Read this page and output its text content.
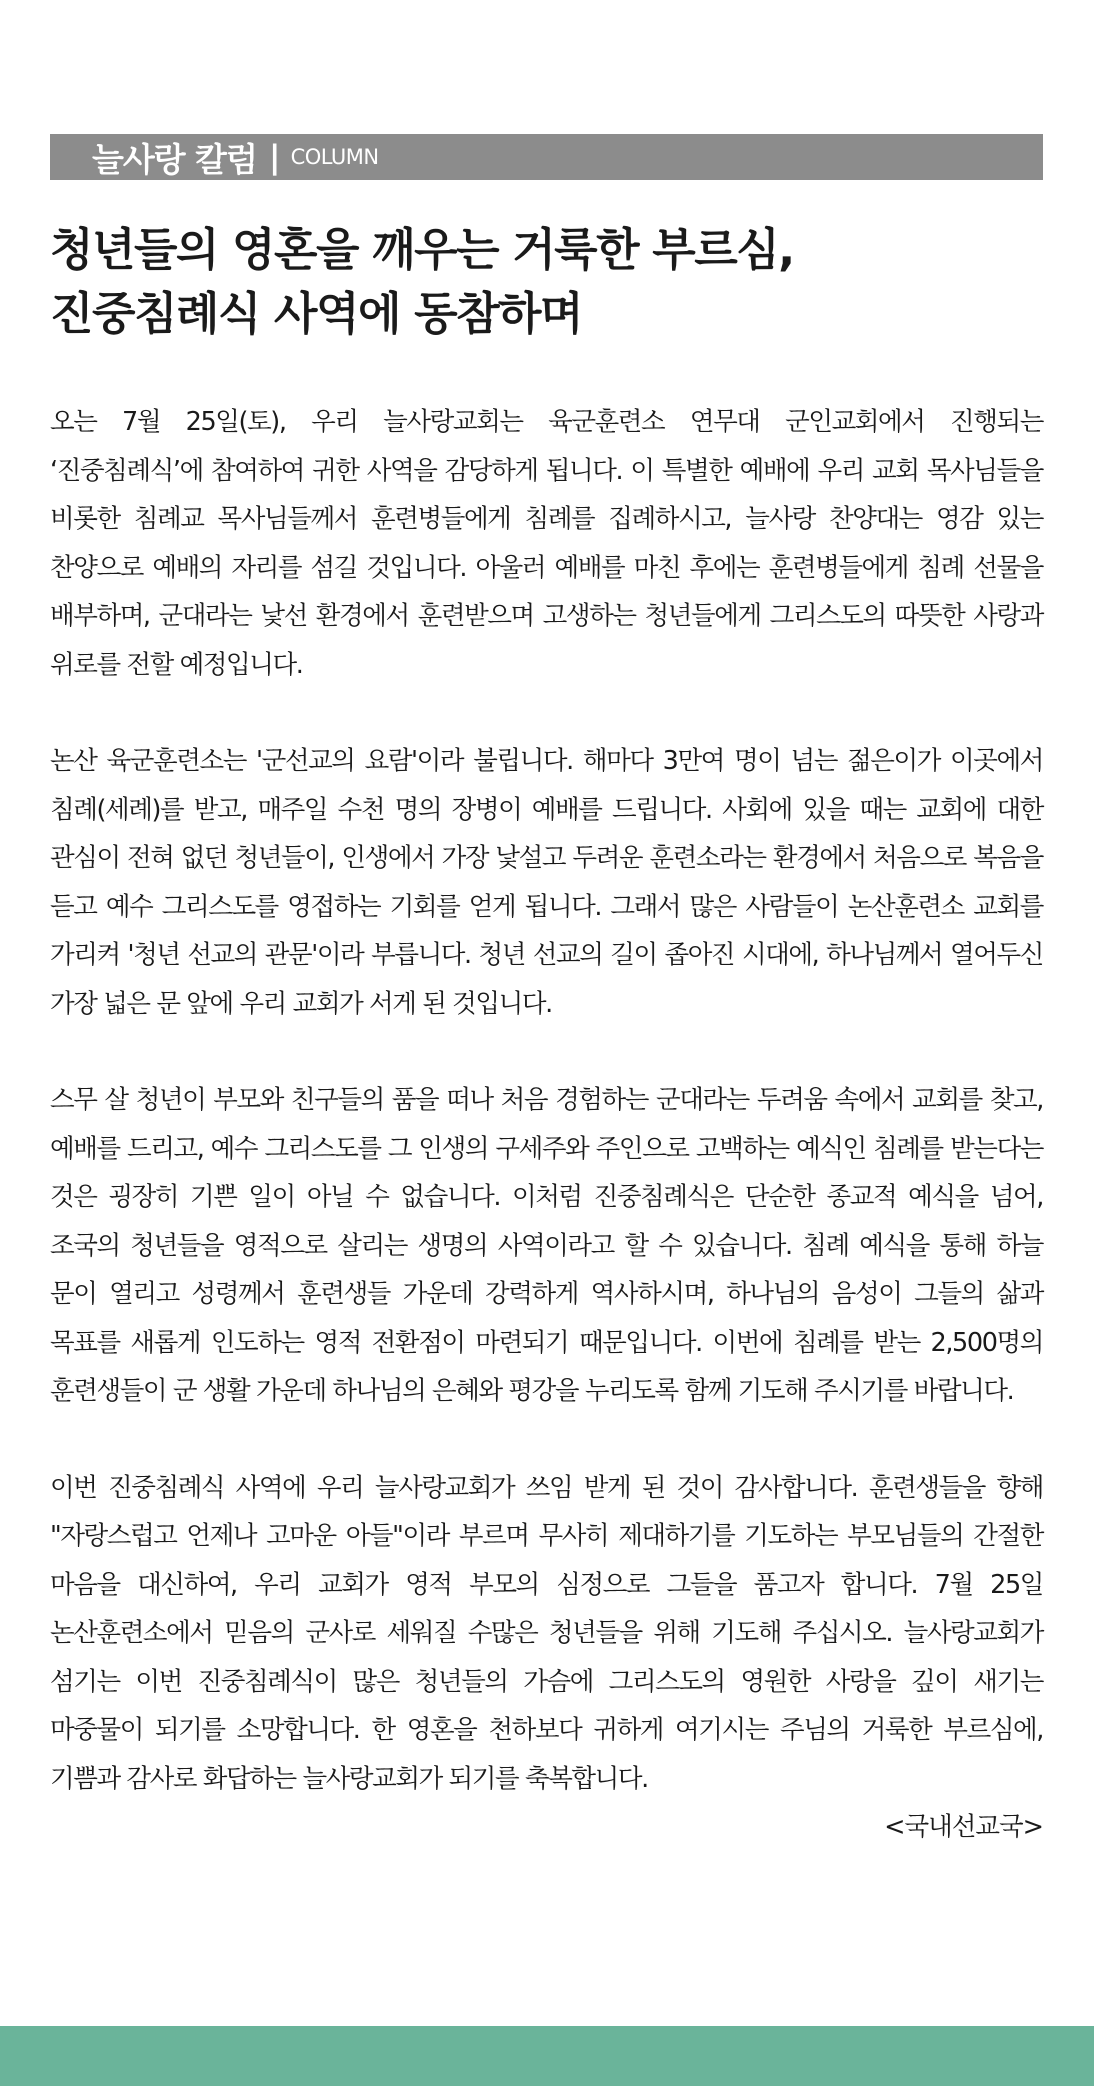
늘사랑 칼럼 | COLUMN
청년들의 영혼을 깨우는 거룩한 부르심,
진중침례식 사역에 동참하며

오는 7월 25일(토), 우리 늘사랑교회는 육군훈련소 연무대 군인교회에서 진행되는 ‘진중침례식’에 참여하여 귀한 사역을 감당하게 됩니다. 이 특별한 예배에 우리 교회 목사님들을 비롯한 침례교 목사님들께서 훈련병들에게 침례를 집례하시고, 늘사랑 찬양대는 영감 있는 찬양으로 예배의 자리를 섬길 것입니다. 아울러 예배를 마친 후에는 훈련병들에게 침례 선물을 배부하며, 군대라는 낯선 환경에서 훈련받으며 고생하는 청년들에게 그리스도의 따뜻한 사랑과 위로를 전할 예정입니다.

논산 육군훈련소는 '군선교의 요람'이라 불립니다. 해마다 3만여 명이 넘는 젊은이가 이곳에서 침례(세례)를 받고, 매주일 수천 명의 장병이 예배를 드립니다. 사회에 있을 때는 교회에 대한 관심이 전혀 없던 청년들이, 인생에서 가장 낯설고 두려운 훈련소라는 환경에서 처음으로 복음을 듣고 예수 그리스도를 영접하는 기회를 얻게 됩니다. 그래서 많은 사람들이 논산훈련소 교회를 가리켜 '청년 선교의 관문'이라 부릅니다. 청년 선교의 길이 좁아진 시대에, 하나님께서 열어두신 가장 넓은 문 앞에 우리 교회가 서게 된 것입니다.

스무 살 청년이 부모와 친구들의 품을 떠나 처음 경험하는 군대라는 두려움 속에서 교회를 찾고, 예배를 드리고, 예수 그리스도를 그 인생의 구세주와 주인으로 고백하는 예식인 침례를 받는다는 것은 굉장히 기쁜 일이 아닐 수 없습니다. 이처럼 진중침례식은 단순한 종교적 예식을 넘어, 조국의 청년들을 영적으로 살리는 생명의 사역이라고 할 수 있습니다. 침례 예식을 통해 하늘 문이 열리고 성령께서 훈련생들 가운데 강력하게 역사하시며, 하나님의 음성이 그들의 삶과 목표를 새롭게 인도하는 영적 전환점이 마련되기 때문입니다. 이번에 침례를 받는 2,500명의 훈련생들이 군 생활 가운데 하나님의 은혜와 평강을 누리도록 함께 기도해 주시기를 바랍니다.

이번 진중침례식 사역에 우리 늘사랑교회가 쓰임 받게 된 것이 감사합니다. 훈련생들을 향해 "자랑스럽고 언제나 고마운 아들"이라 부르며 무사히 제대하기를 기도하는 부모님들의 간절한 마음을 대신하여, 우리 교회가 영적 부모의 심정으로 그들을 품고자 합니다. 7월 25일 논산훈련소에서 믿음의 군사로 세워질 수많은 청년들을 위해 기도해 주십시오. 늘사랑교회가 섬기는 이번 진중침례식이 많은 청년들의 가슴에 그리스도의 영원한 사랑을 깊이 새기는 마중물이 되기를 소망합니다. 한 영혼을 천하보다 귀하게 여기시는 주님의 거룩한 부르심에, 기쁨과 감사로 화답하는 늘사랑교회가 되기를 축복합니다.

<국내선교국>
